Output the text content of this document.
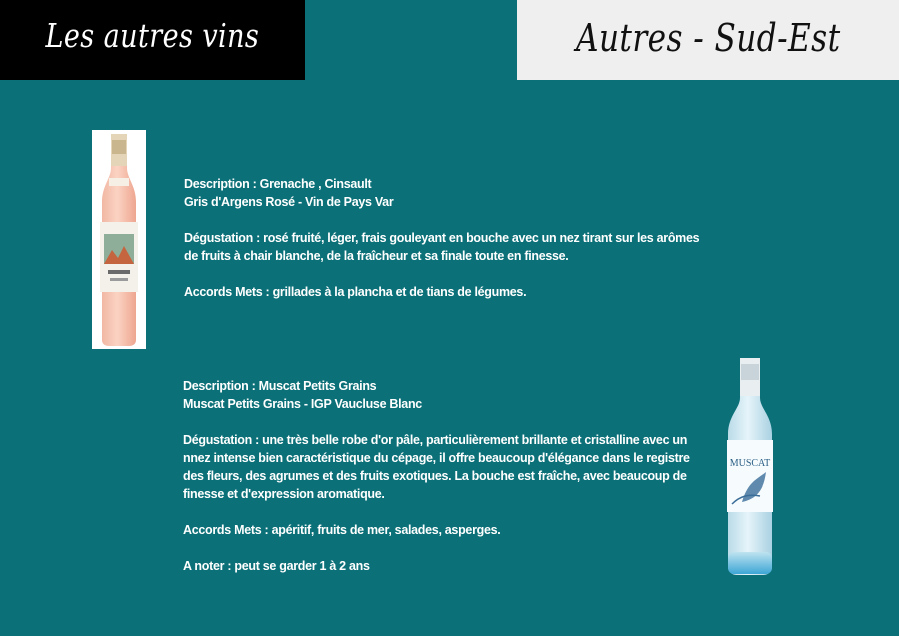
Les autres vins	Autres - Sud-Est

Description : Grenache , Cinsault

Gris d'Argens Rosé - Vin de Pays Var

Dégustation : rosé fruité, léger, frais gouleyant en bouche avec un nez tirant sur les arômes de fruits à chair blanche, de la fraîcheur et sa finale toute en finesse.

Accords Mets : grillades à la plancha et de tians de légumes.

Description : Muscat Petits Grains

Muscat Petits Grains - IGP Vaucluse Blanc

Dégustation : une très belle robe d'or pâle, particulièrement brillante et cristalline avec un nnez intense bien caractéristique du cépage, il offre beaucoup d'élégance dans le registre des fleurs, des agrumes et des fruits exotiques. La bouche est fraîche, avec beaucoup de finesse et d'expression aromatique.

Accords Mets : apéritif, fruits de mer, salades, asperges.

A noter : peut se garder 1 à 2 ans

MUSCAT
